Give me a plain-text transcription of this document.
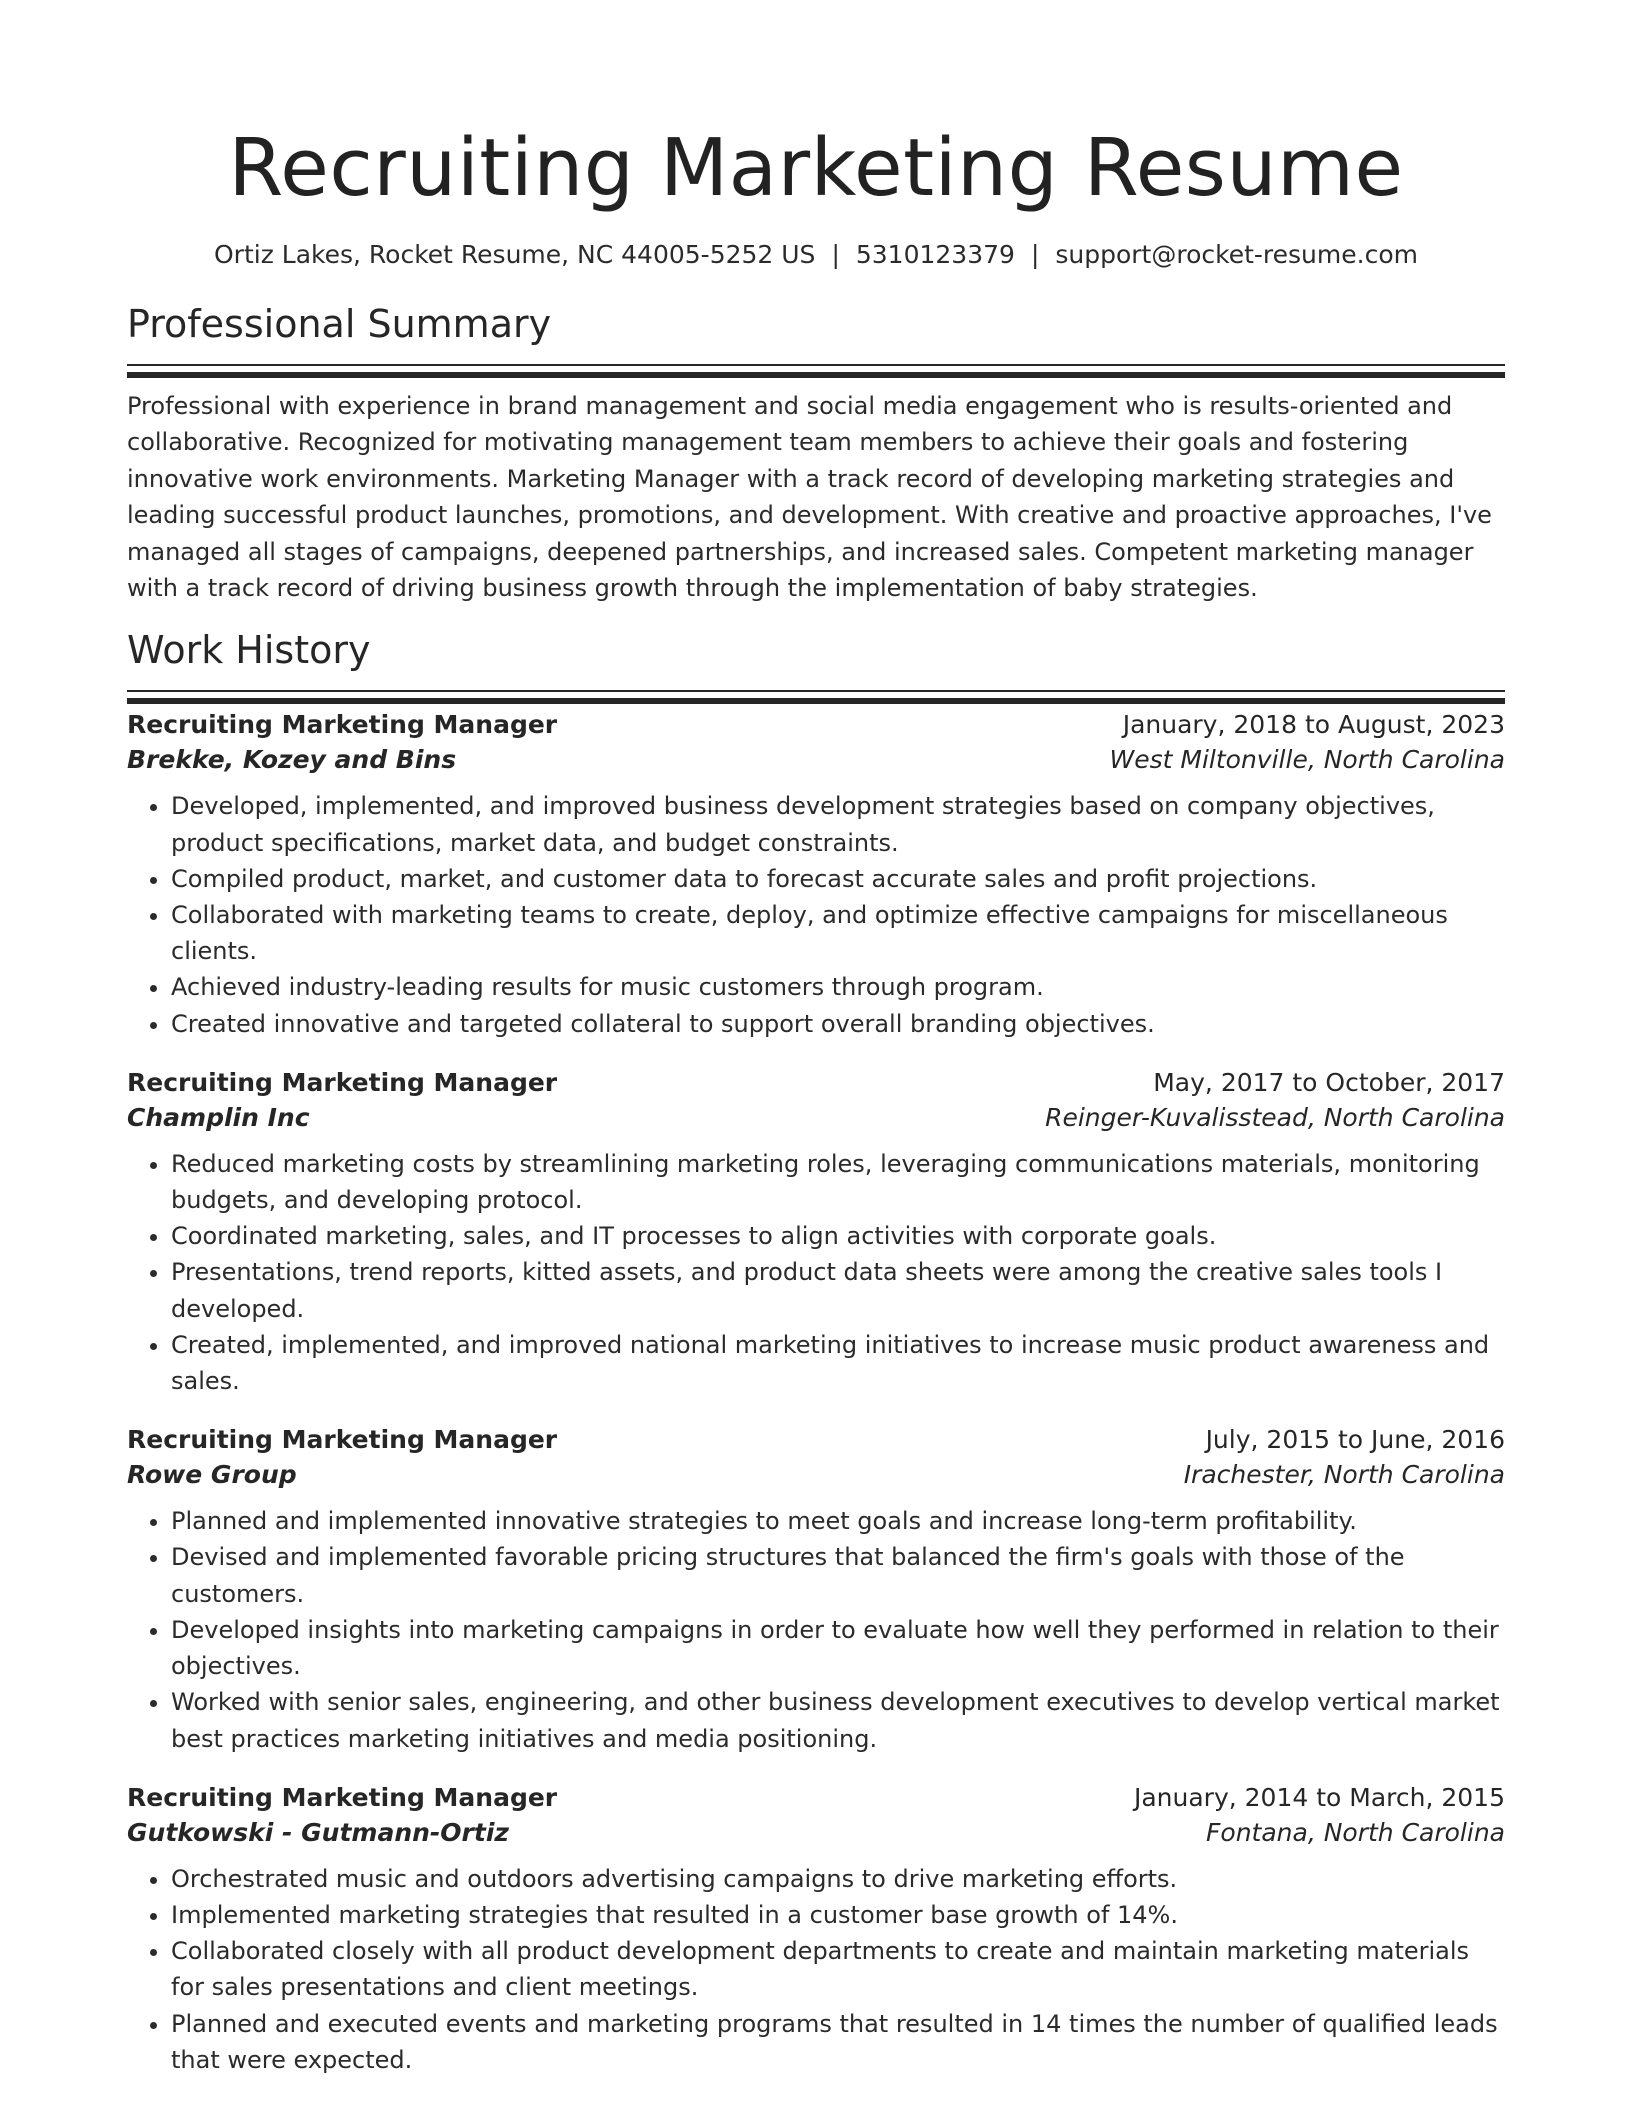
Recruiting Marketing Resume
Ortiz Lakes, Rocket Resume, NC 44005-5252 US | 5310123379 | support@rocket-resume.com
Professional Summary

Professional with experience in brand management and social media engagement who is results-oriented and collaborative. Recognized for motivating management team members to achieve their goals and fostering innovative work environments. Marketing Manager with a track record of developing marketing strategies and leading successful product launches, promotions, and development. With creative and proactive approaches, I've managed all stages of campaigns, deepened partnerships, and increased sales. Competent marketing manager with a track record of driving business growth through the implementation of baby strategies.

Work History
Recruiting Marketing Manager	January, 2018 to August, 2023
Brekke, Kozey and Bins	West Miltonville, North Carolina
• Developed, implemented, and improved business development strategies based on company objectives, product specifications, market data, and budget constraints.
• Compiled product, market, and customer data to forecast accurate sales and profit projections.
• Collaborated with marketing teams to create, deploy, and optimize effective campaigns for miscellaneous clients.
• Achieved industry-leading results for music customers through program.
• Created innovative and targeted collateral to support overall branding objectives.
Recruiting Marketing Manager	May, 2017 to October, 2017
Champlin Inc	Reinger-Kuvalisstead, North Carolina
• Reduced marketing costs by streamlining marketing roles, leveraging communications materials, monitoring budgets, and developing protocol.
• Coordinated marketing, sales, and IT processes to align activities with corporate goals.
• Presentations, trend reports, kitted assets, and product data sheets were among the creative sales tools I developed.
• Created, implemented, and improved national marketing initiatives to increase music product awareness and sales.
Recruiting Marketing Manager	July, 2015 to June, 2016
Rowe Group	Irachester, North Carolina
• Planned and implemented innovative strategies to meet goals and increase long-term profitability.
• Devised and implemented favorable pricing structures that balanced the firm's goals with those of the customers.
• Developed insights into marketing campaigns in order to evaluate how well they performed in relation to their objectives.
• Worked with senior sales, engineering, and other business development executives to develop vertical market best practices marketing initiatives and media positioning.
Recruiting Marketing Manager	January, 2014 to March, 2015
Gutkowski - Gutmann-Ortiz	Fontana, North Carolina
• Orchestrated music and outdoors advertising campaigns to drive marketing efforts.
• Implemented marketing strategies that resulted in a customer base growth of 14%.
• Collaborated closely with all product development departments to create and maintain marketing materials for sales presentations and client meetings.
• Planned and executed events and marketing programs that resulted in 14 times the number of qualified leads that were expected.
